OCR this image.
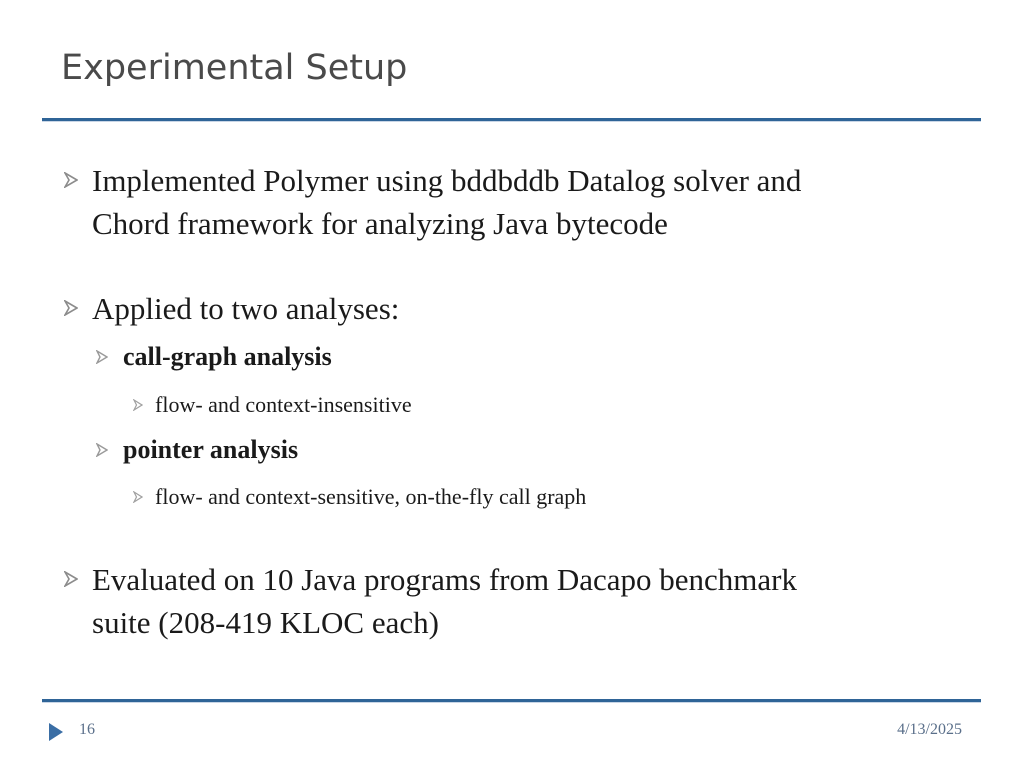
Experimental Setup
Implemented Polymer using bddbddb Datalog solver and
Chord framework for analyzing Java bytecode
Applied to two analyses:
call-graph analysis
flow- and context-insensitive
pointer analysis
flow- and context-sensitive, on-the-fly call graph
Evaluated on 10 Java programs from Dacapo benchmark
suite (208-419 KLOC each)
16	4/13/2025
